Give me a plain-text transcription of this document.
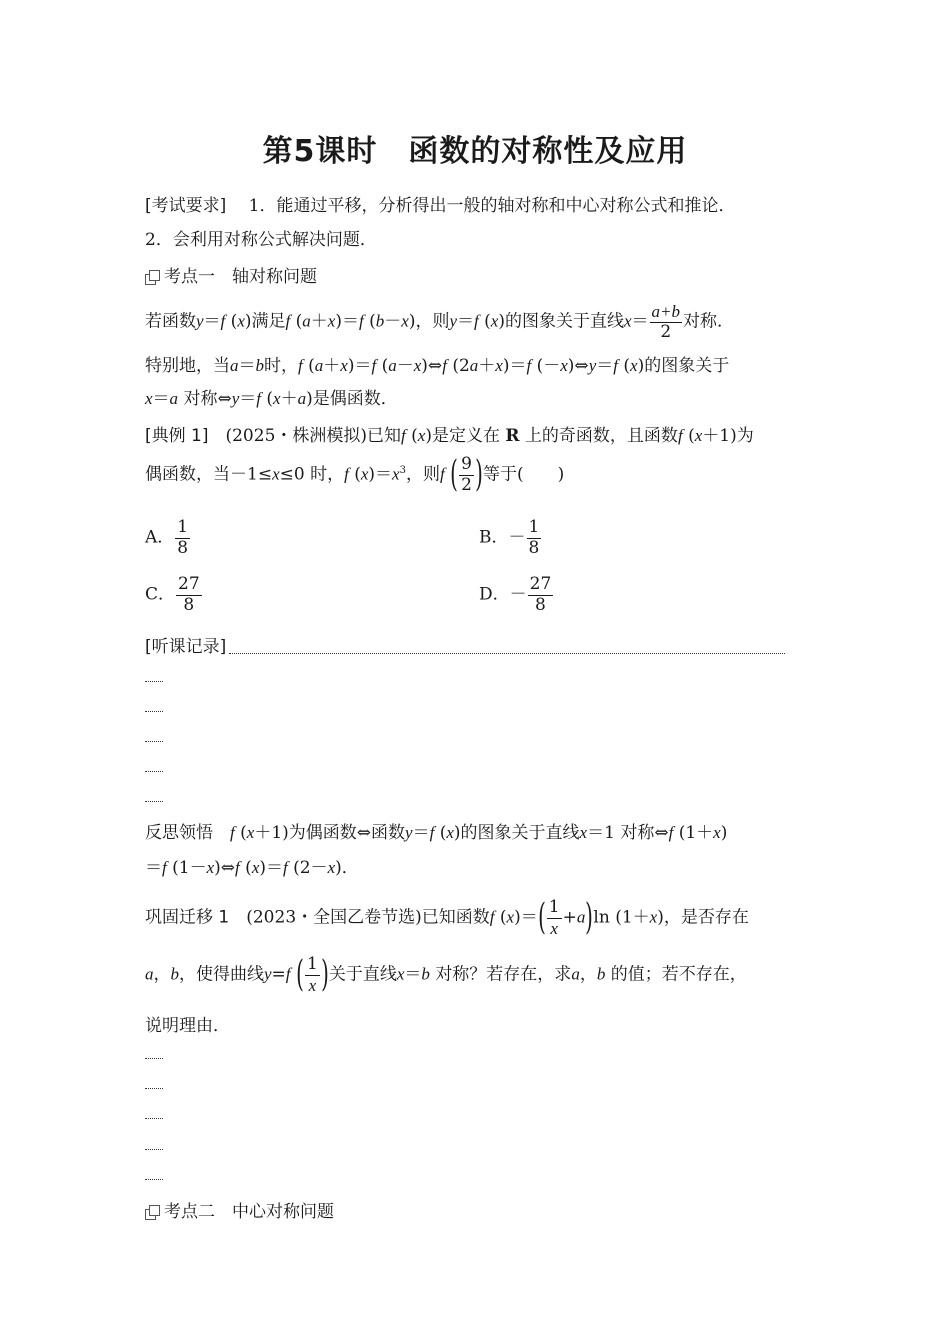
第5课时　函数的对称性及应用
[考试要求]　 1．能通过平移，分析得出一般的轴对称和中心对称公式和推论．
2．会利用对称公式解决问题．
考点一　轴对称问题
若函数y＝f (x)满足f (a＋x)＝f (b－x)，则y＝f (x)的图象关于直线$x= \frac{a+b}{2}$ 对称．
特别地，当a＝b时，f (a＋x)＝f (a－x)⇔f (2a＋x)＝f (－x)⇔y＝f (x)的图象关于
x＝a 对称⇔y＝f (x＋a)是偶函数．
[典例 1]　 (2025・株洲模拟)已知f (x)是定义在 R 上的奇函数，且函数f (x＋1)为
偶函数，当－1≤x≤0 时，f $(x)=x^3$，则f ( $\frac{9}{2}$ )等于(　　)
A． $\frac{1}{8}$	B．－ $\frac{1}{8}$
C． $\frac{27}{8}$	D．－ $\frac{27}{8}$
[听课记录]
反思领悟　 f (x＋1)为偶函数⇔函数y＝f (x)的图象关于直线x＝1 对称⇔f (1＋x)
＝f (1－x)⇔f (x)＝f (2－x)．
巩固迁移 1　 (2023・全国乙卷节选)已知函数f $(x)=( \frac{1}{x} +a)\ln$ (1＋x)，是否存在
a，b，使得曲线y=f ( $\frac{1}{x}$ )关于直线x＝b 对称？若存在，求a，b 的值；若不存在，
说明理由．
考点二　中心对称问题
